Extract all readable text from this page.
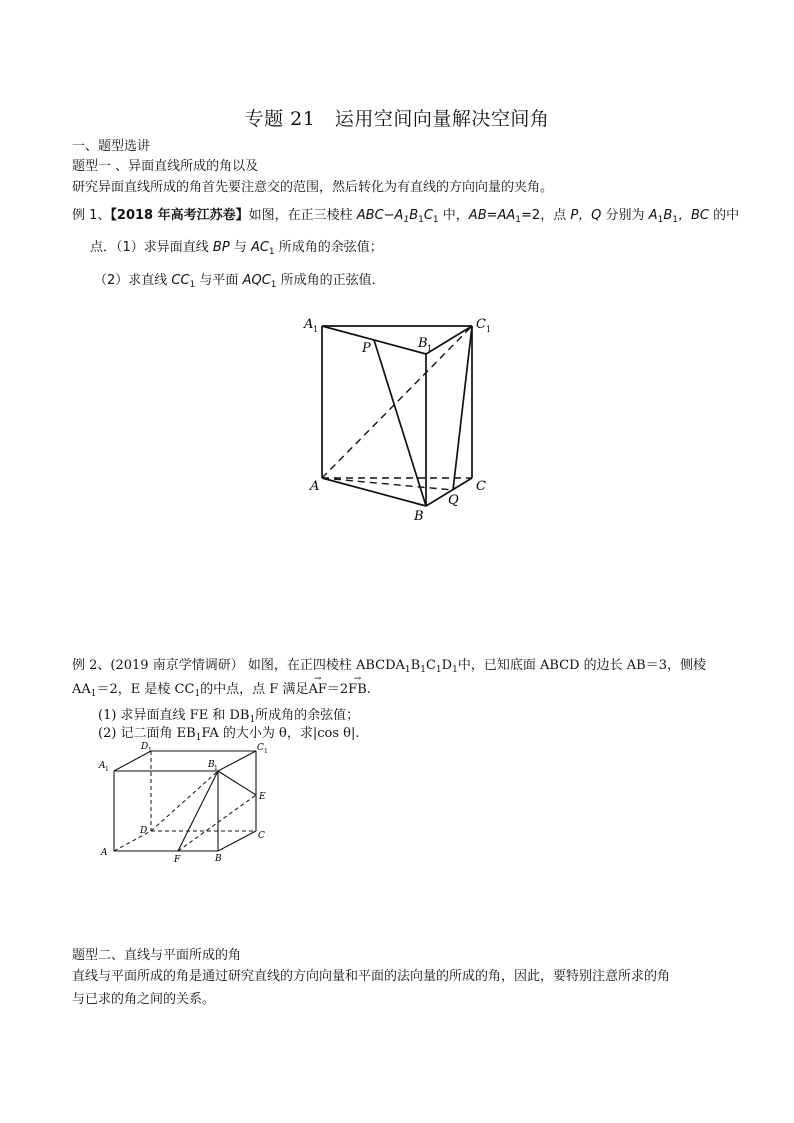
专题 21　运用空间向量解决空间角
一、题型选讲
题型一 、异面直线所成的角以及
研究异面直线所成的角首先要注意交的范围，然后转化为有直线的方向向量的夹角。
例 1、【2018 年高考江苏卷】如图，在正三棱柱 $ABC-A_1B_1C_1$ 中，$AB=AA_1=2$，点 P，Q 分别为 $A_1B_1$，BC 的中
点．（1）求异面直线 BP 与 $AC_1$ 所成角的余弦值；
（2）求直线 $CC_1$ 与平面 $AQC_1$ 所成角的正弦值．
A 1	C 1
B 1
P
A	C
Q
B
例 2、(2019 南京学情调研） 如图，在正四棱柱 $ABCDA_1B_1C_1D_1$中，已知底面 ABCD 的边长 AB＝3，侧棱
$AA_1=2$，E 是棱 $CC_1$的中点，点 F 满足→ AF＝2→ FB.
(1) 求异面直线 FE 和 $DB_1$所成角的余弦值；
(2) 记二面角 $EB_1FA$ 的大小为 θ，求|cos θ|.
A 1
D 1	C 1
B 1
E
D	C
A
F	B
题型二、直线与平面所成的角
直线与平面所成的角是通过研究直线的方向向量和平面的法向量的所成的角，因此，要特别注意所求的角
与已求的角之间的关系。
